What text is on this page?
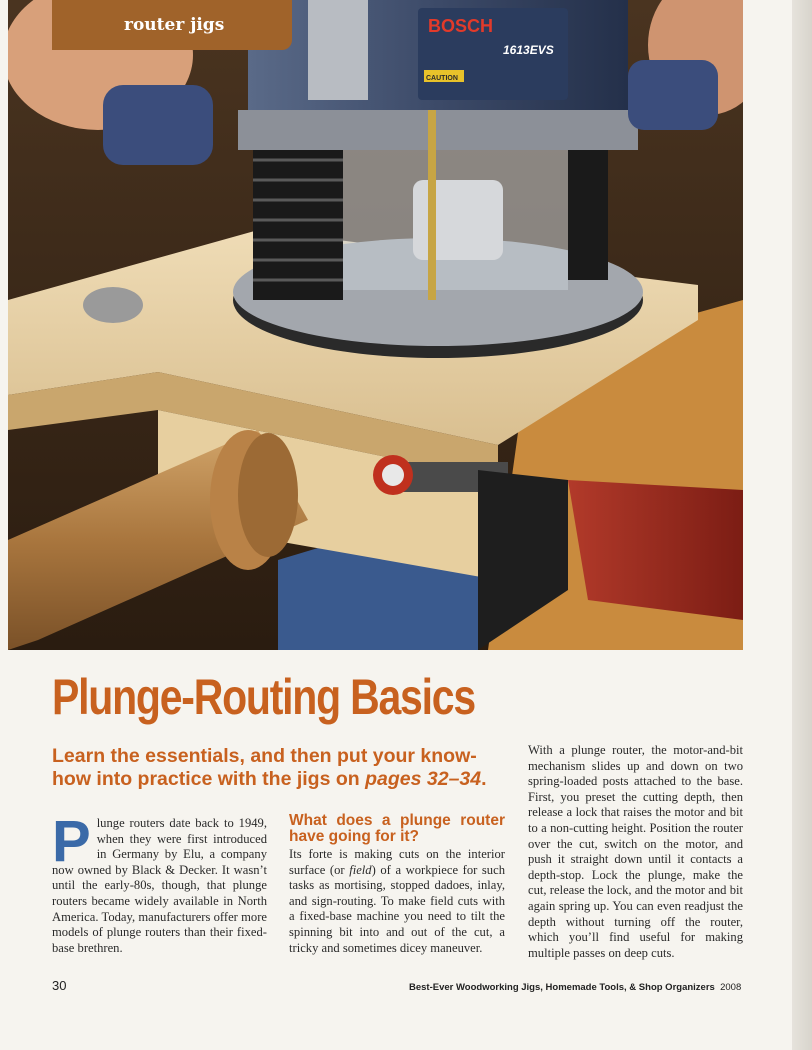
BOSCH
1613EVS
CAUTION
router jigs
Plunge-Routing Basics
Learn the essentials, and then put your know-how into practice with the jigs on pages 32–34.
Plunge routers date back to 1949, when they were first introduced in Germany by Elu, a company now owned by Black & Decker. It wasn’t until the early-80s, though, that plunge routers became widely available in North America. Today, manufacturers offer more models of plunge routers than their fixed-base brethren.
What does a plunge router have going for it?
Its forte is making cuts on the interior surface (or field) of a workpiece for such tasks as mortising, stopped dadoes, inlay, and sign-routing. To make field cuts with a fixed-base machine you need to tilt the spinning bit into and out of the cut, a tricky and sometimes dicey maneuver.
With a plunge router, the motor-and-bit mechanism slides up and down on two spring-loaded posts attached to the base. First, you preset the cutting depth, then release a lock that raises the motor and bit to a non-cutting height. Position the router over the cut, switch on the motor, and push it straight down until it contacts a depth-stop. Lock the plunge, make the cut, release the lock, and the motor and bit again spring up. You can even readjust the depth without turning off the router, which you’ll find useful for making multiple passes on deep cuts.
30	Best-Ever Woodworking Jigs, Homemade Tools, & Shop Organizers 2008
